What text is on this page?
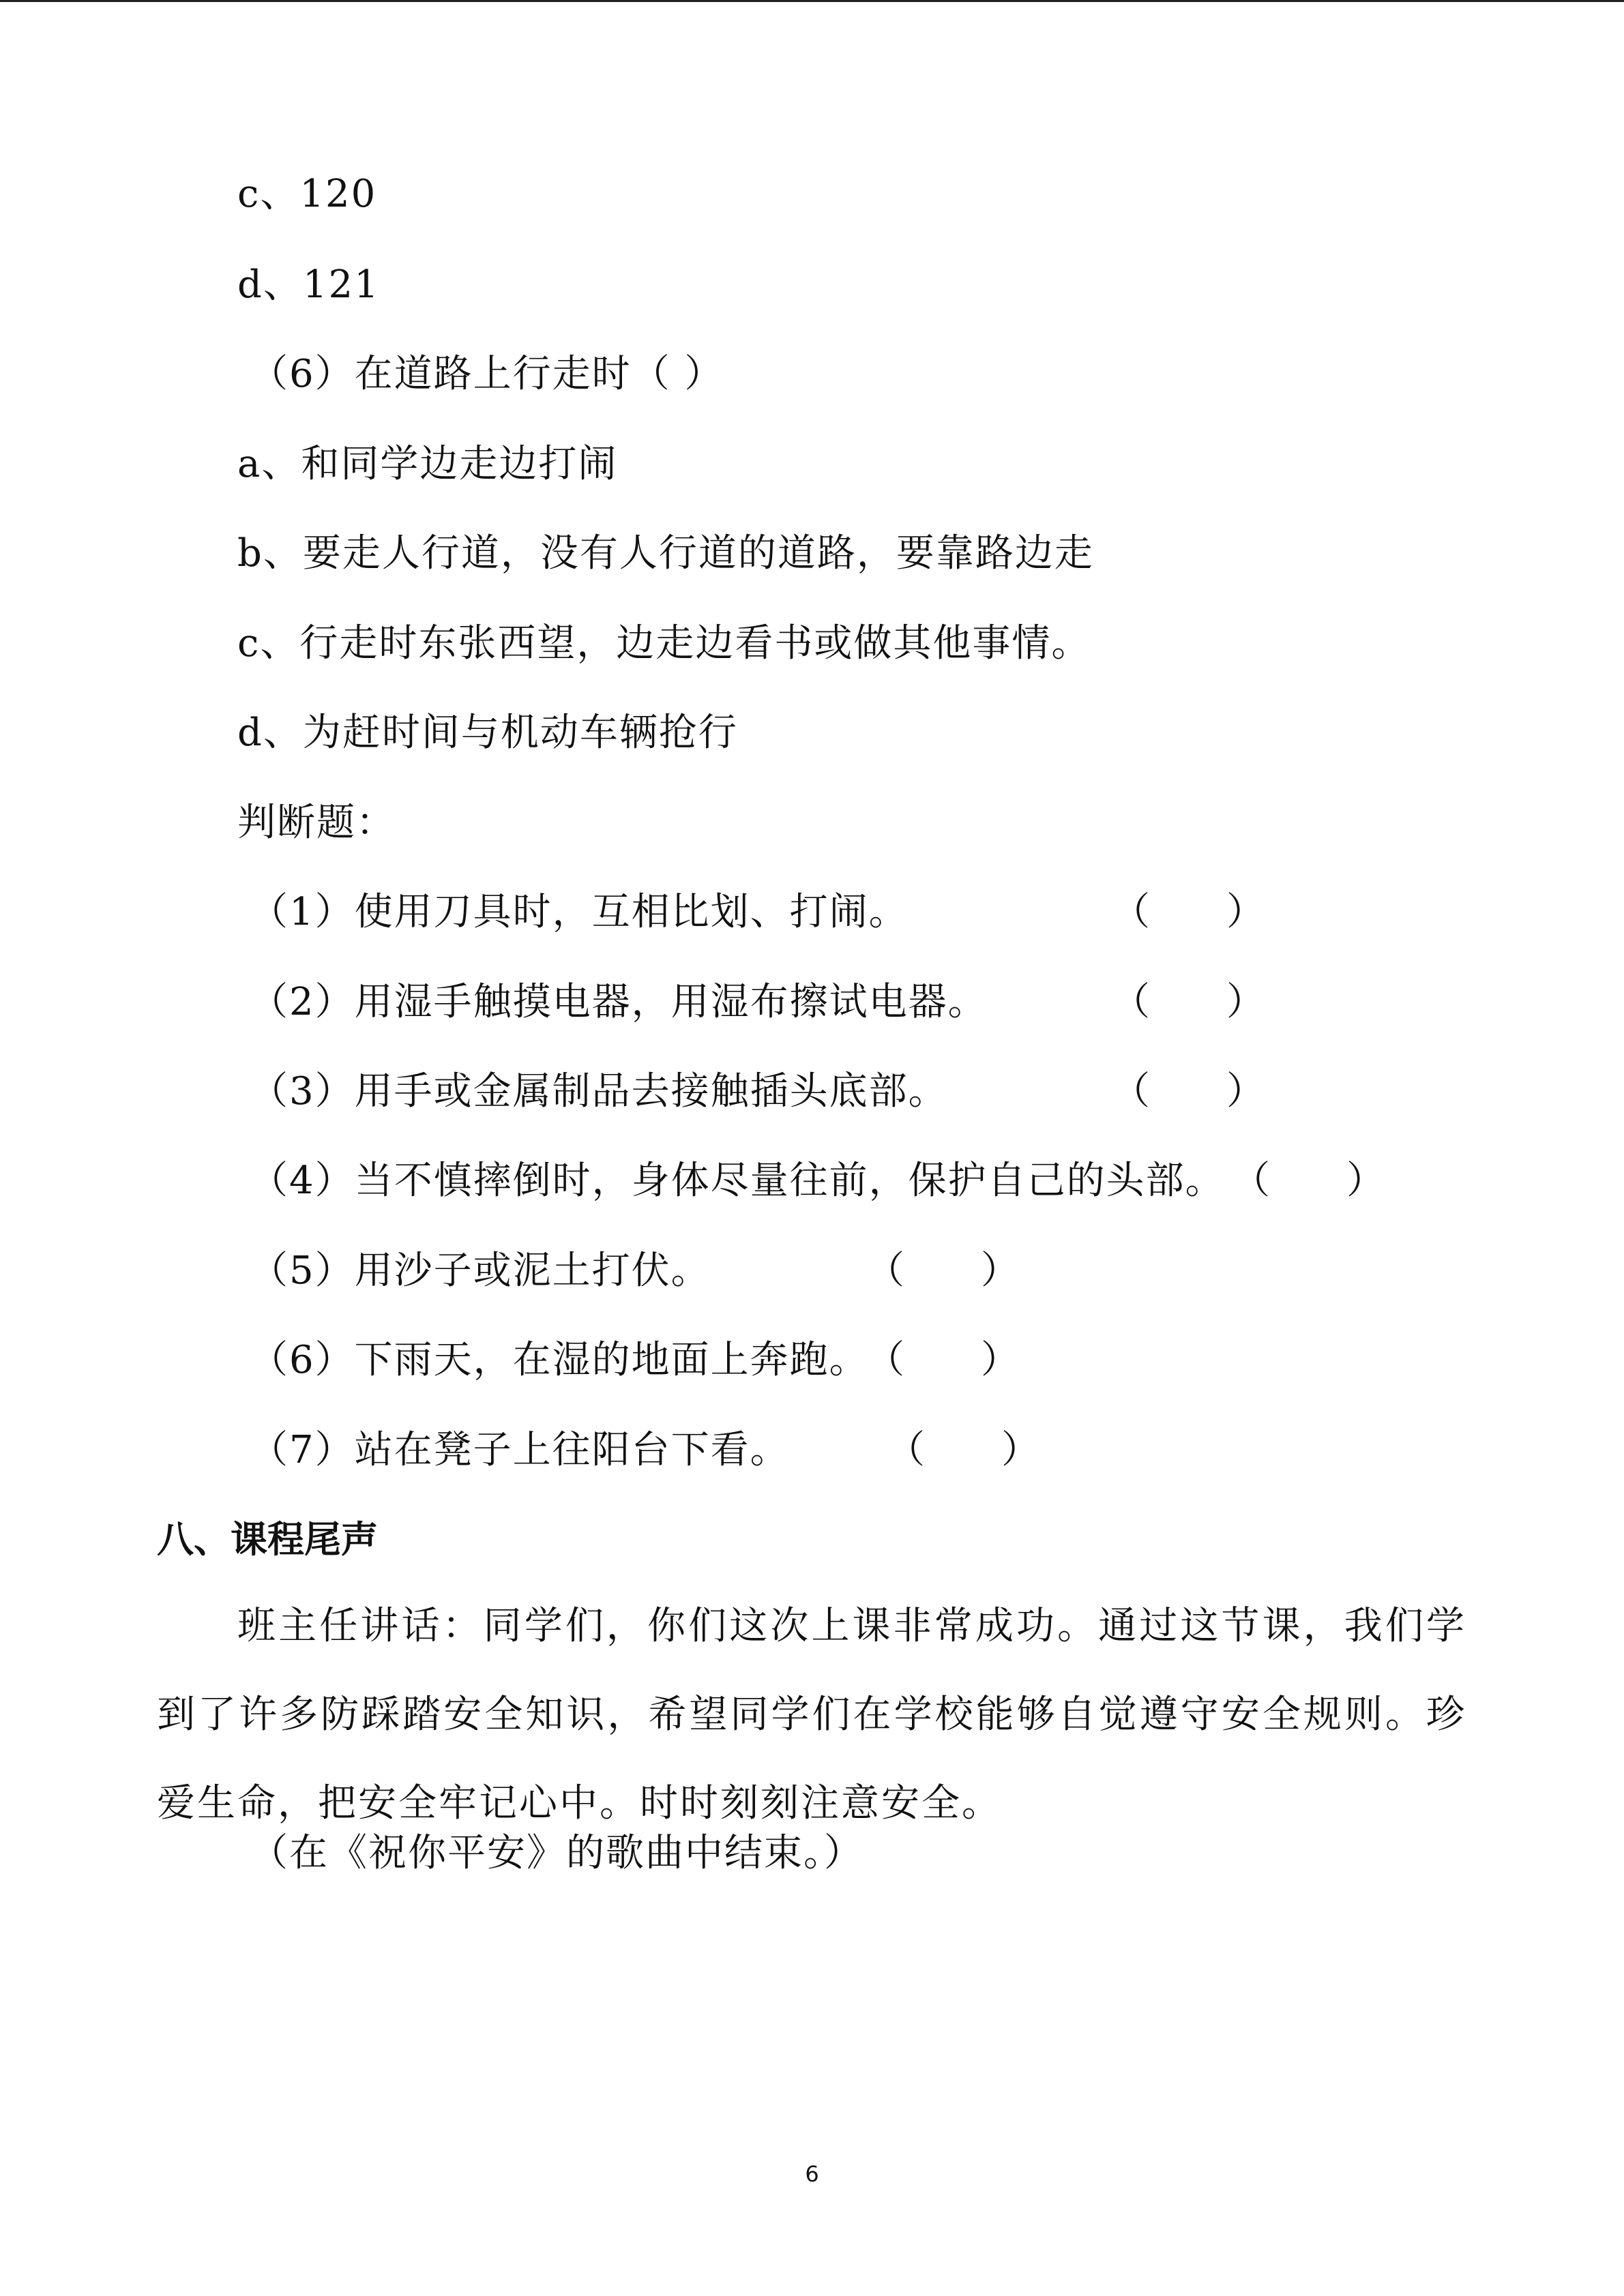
c、120
d、121
（6）在道路上行走时（ ）
a、和同学边走边打闹
b、要走人行道，没有人行道的道路，要靠路边走
c、行走时东张西望，边走边看书或做其他事情。
d、为赶时间与机动车辆抢行
判断题：
（1）使用刀具时，互相比划、打闹。	（　　）
（2）用湿手触摸电器，用湿布擦试电器。	（　　）
（3）用手或金属制品去接触插头底部。	（　　）
（4）当不慎摔倒时，身体尽量往前，保护自己的头部。 （　　）
（5）用沙子或泥土打伏。	（　　）
（6）下雨天，在湿的地面上奔跑。
（　　）
（7）站在凳子上往阳台下看。	（　　）
八、课程尾声
班主任讲话：同学们，你们这次上课非常成功。通过这节课，我们学到了许多防踩踏安全知识，希望同学们在学校能够自觉遵守安全规则。珍爱生命，把安全牢记心中。时时刻刻注意安全。
（在《祝你平安》的歌曲中结束。）
6
